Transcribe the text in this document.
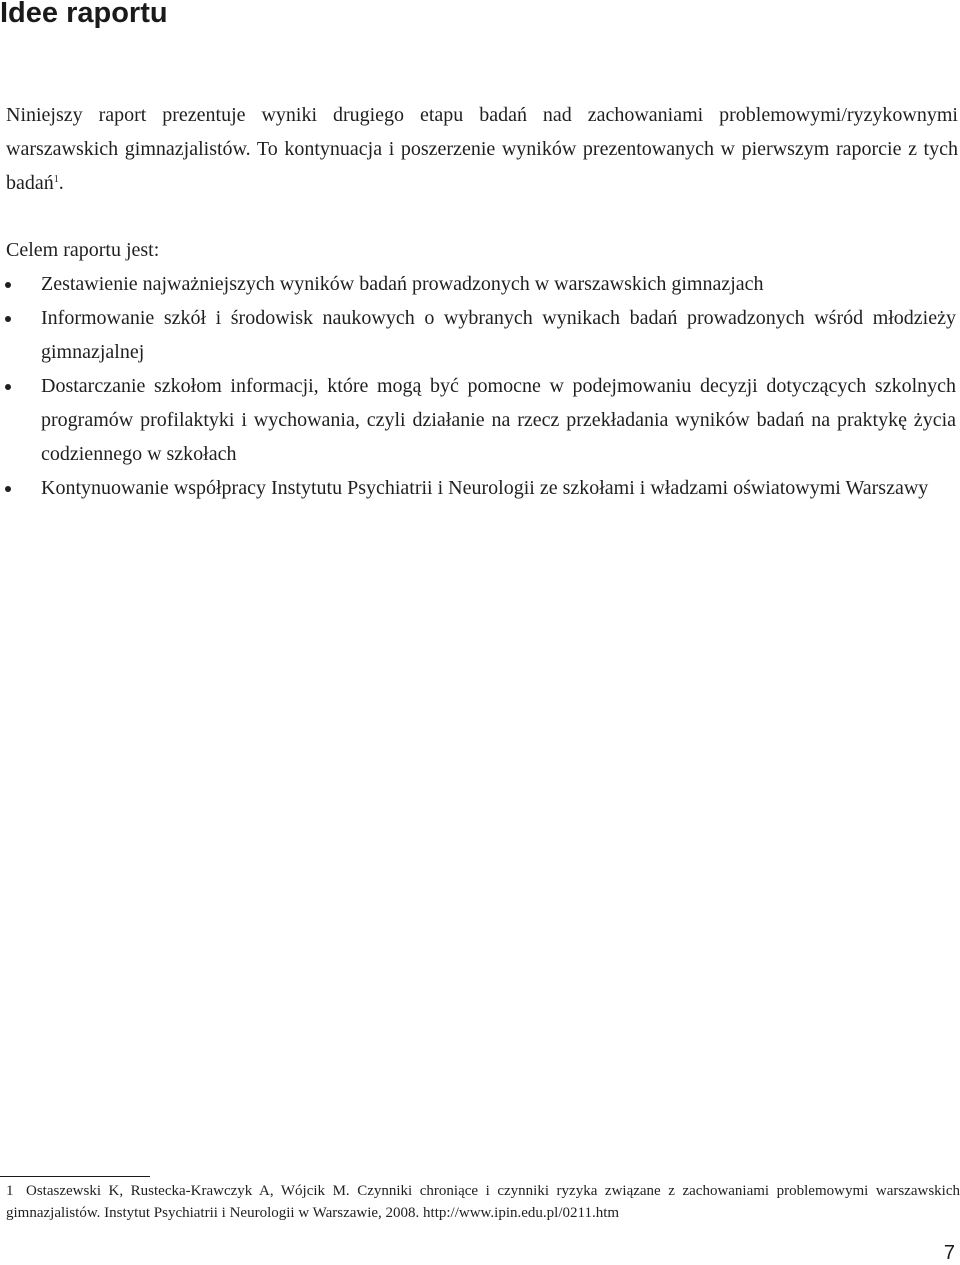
Idee raportu

Niniejszy raport prezentuje wyniki drugiego etapu badań nad zachowaniami problemowymi/ryzykownymi warszawskich gimnazjalistów. To kontynuacja i poszerzenie wyników prezentowanych w pierwszym raporcie z tych badań$^1$.

Celem raportu jest:

Zestawienie najważniejszych wyników badań prowadzonych w warszawskich gimnazjach
Informowanie szkół i środowisk naukowych o wybranych wynikach badań prowadzonych wśród młodzieży gimnazjalnej
Dostarczanie szkołom informacji, które mogą być pomocne w podejmowaniu decyzji dotyczących szkolnych programów profilaktyki i wychowania, czyli działanie na rzecz przekładania wyników badań na praktykę życia codziennego w szkołach
Kontynuowanie współpracy Instytutu Psychiatrii i Neurologii ze szkołami i władzami oświatowymi Warszawy
1 Ostaszewski K, Rustecka-Krawczyk A, Wójcik M. Czynniki chroniące i czynniki ryzyka związane z zachowaniami problemowymi warszawskich gimnazjalistów. Instytut Psychiatrii i Neurologii w Warszawie, 2008. http://www.ipin.edu.pl/0211.htm
7
